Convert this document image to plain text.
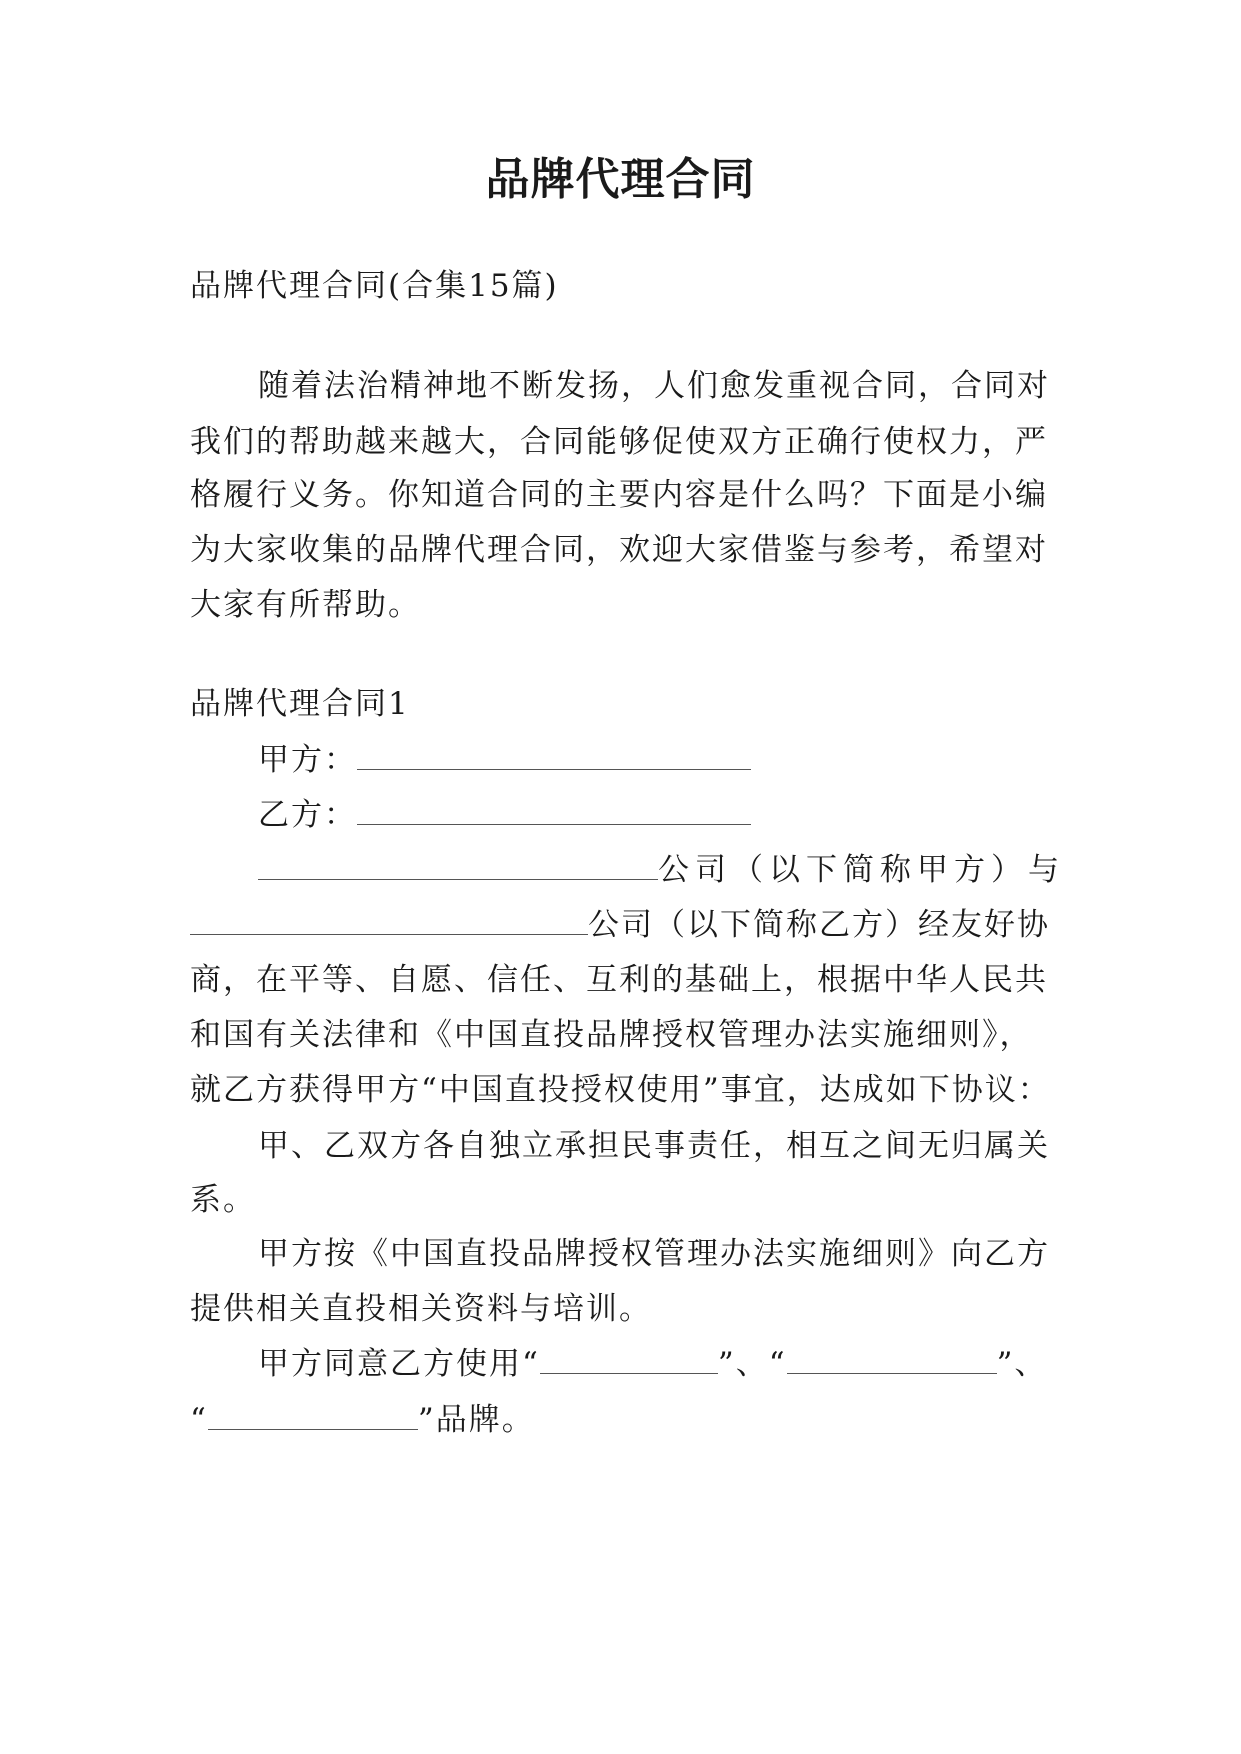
品牌代理合同
品牌代理合同(合集15篇)
随着法治精神地不断发扬，人们愈发重视合同，合同对
我们的帮助越来越大，合同能够促使双方正确行使权力，严
格履行义务。你知道合同的主要内容是什么吗？下面是小编
为大家收集的品牌代理合同，欢迎大家借鉴与参考，希望对
大家有所帮助。
品牌代理合同1
甲方：
乙方：
公司（以下简称甲方）与
公司（以下简称乙方）经友好协
商，在平等、自愿、信任、互利的基础上，根据中华人民共
和国有关法律和《中国直投品牌授权管理办法实施细则》，
就乙方获得甲方“中国直投授权使用”事宜，达成如下协议：
甲、乙双方各自独立承担民事责任，相互之间无归属关
系。
甲方按《中国直投品牌授权管理办法实施细则》向乙方
提供相关直投相关资料与培训。
甲方同意乙方使用“	”、“	”、
“	”品牌。
